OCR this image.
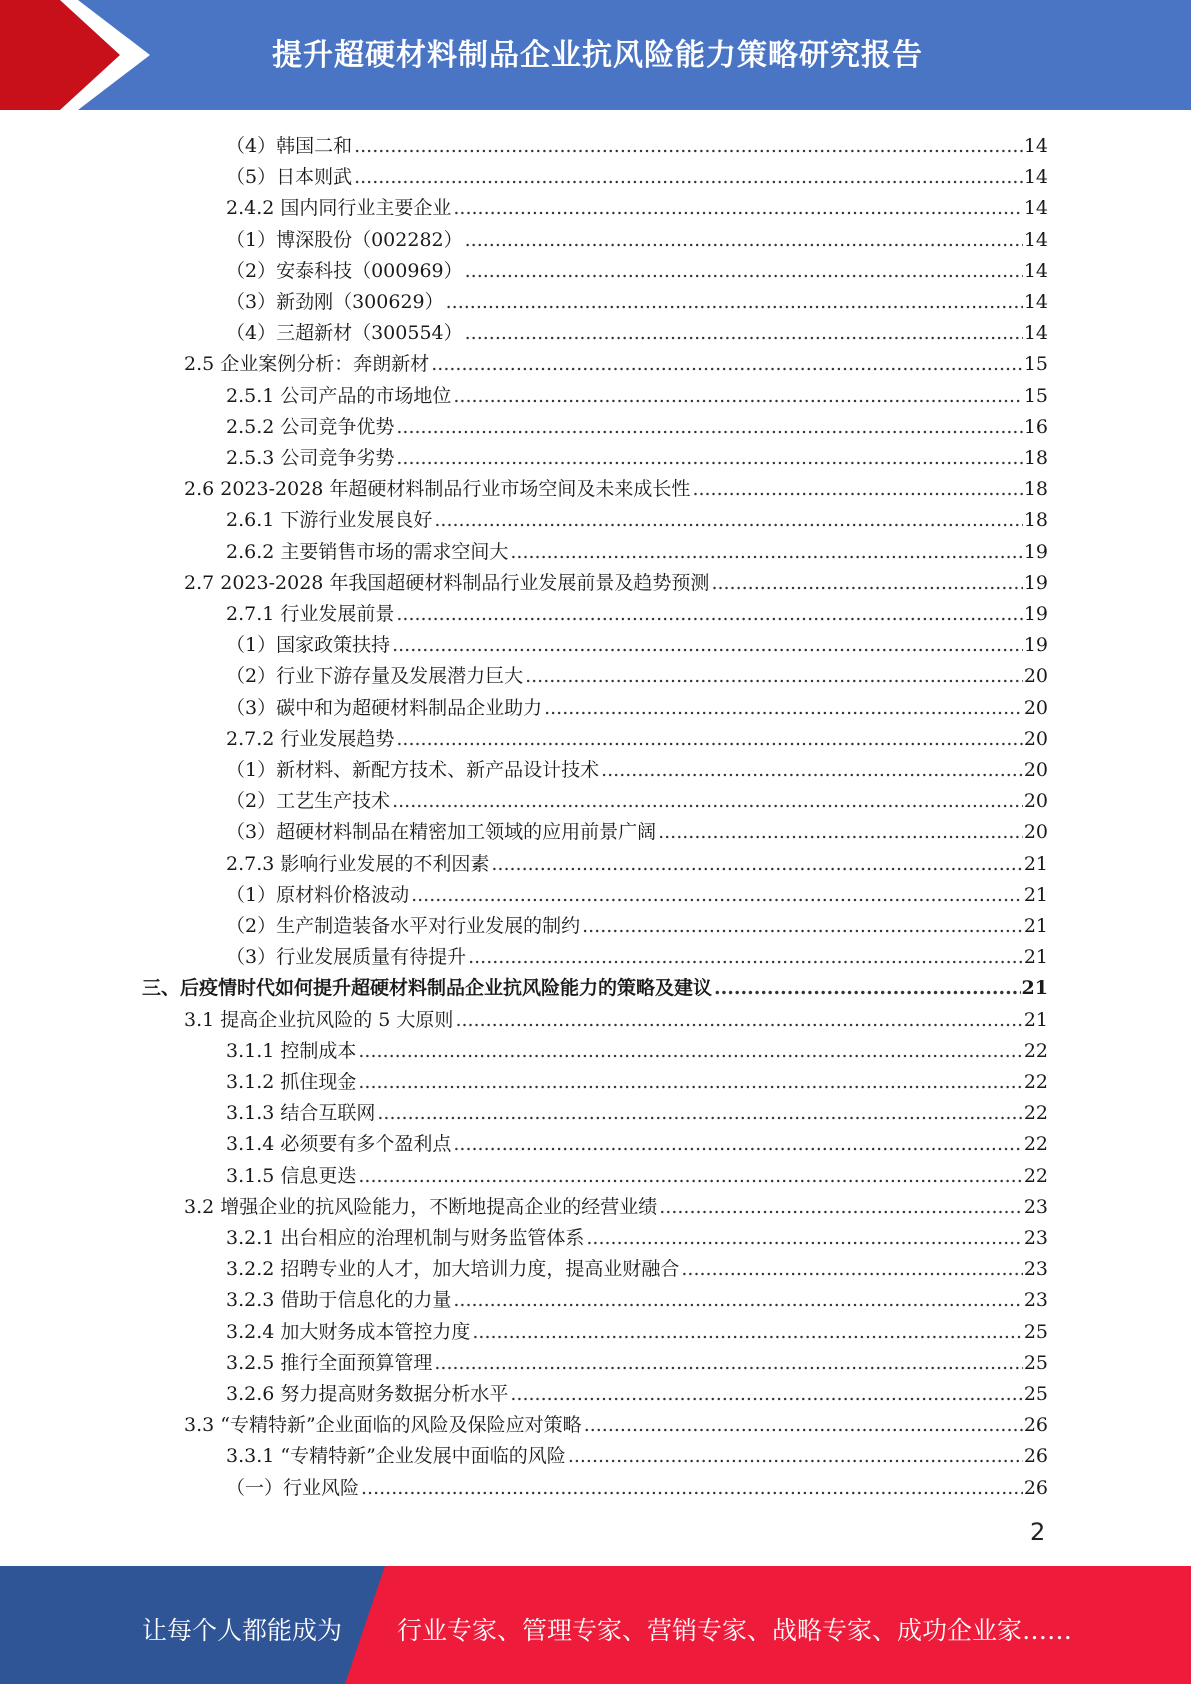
提升超硬材料制品企业抗风险能力策略研究报告
（4）韩国二和 .....	14
（5）日本则武 .....	14
2.4.2 国内同行业主要企业 .....	14
（1）博深股份（002282） .....	14
（2）安泰科技（000969） .....	14
（3）新劲刚（300629） .....	14
（4）三超新材（300554） .....	14
2.5 企业案例分析：奔朗新材 .....	15
2.5.1 公司产品的市场地位 .....	15
2.5.2 公司竞争优势 .....	16
2.5.3 公司竞争劣势 .....	18
2.6 2023-2028 年超硬材料制品行业市场空间及未来成长性 .....	18
2.6.1 下游行业发展良好 .....	18
2.6.2 主要销售市场的需求空间大 .....	19
2.7 2023-2028 年我国超硬材料制品行业发展前景及趋势预测 .....	19
2.7.1 行业发展前景 .....	19
（1）国家政策扶持 .....	19
（2）行业下游存量及发展潜力巨大 .....	20
（3）碳中和为超硬材料制品企业助力 .....	20
2.7.2 行业发展趋势 .....	20
（1）新材料、新配方技术、新产品设计技术 .....	20
（2）工艺生产技术 .....	20
（3）超硬材料制品在精密加工领域的应用前景广阔 .....	20
2.7.3 影响行业发展的不利因素 .....	21
（1）原材料价格波动 .....	21
（2）生产制造装备水平对行业发展的制约 .....	21
（3）行业发展质量有待提升 .....	21
三、后疫情时代如何提升超硬材料制品企业抗风险能力的策略及建议 .....	21
3.1 提高企业抗风险的 5 大原则 .....	21
3.1.1 控制成本 .....	22
3.1.2 抓住现金 .....	22
3.1.3 结合互联网 .....	22
3.1.4 必须要有多个盈利点 .....	22
3.1.5 信息更迭 .....	22
3.2 增强企业的抗风险能力，不断地提高企业的经营业绩 .....	23
3.2.1 出台相应的治理机制与财务监管体系 .....	23
3.2.2 招聘专业的人才，加大培训力度，提高业财融合 .....	23
3.2.3 借助于信息化的力量 .....	23
3.2.4 加大财务成本管控力度 .....	25
3.2.5 推行全面预算管理 .....	25
3.2.6 努力提高财务数据分析水平 .....	25
3.3 “专精特新”企业面临的风险及保险应对策略 .....	26
3.3.1 “专精特新”企业发展中面临的风险 .....	26
（一）行业风险 .....	26
2
让每个人都能成为 行业专家、管理专家、营销专家、战略专家、成功企业家……
